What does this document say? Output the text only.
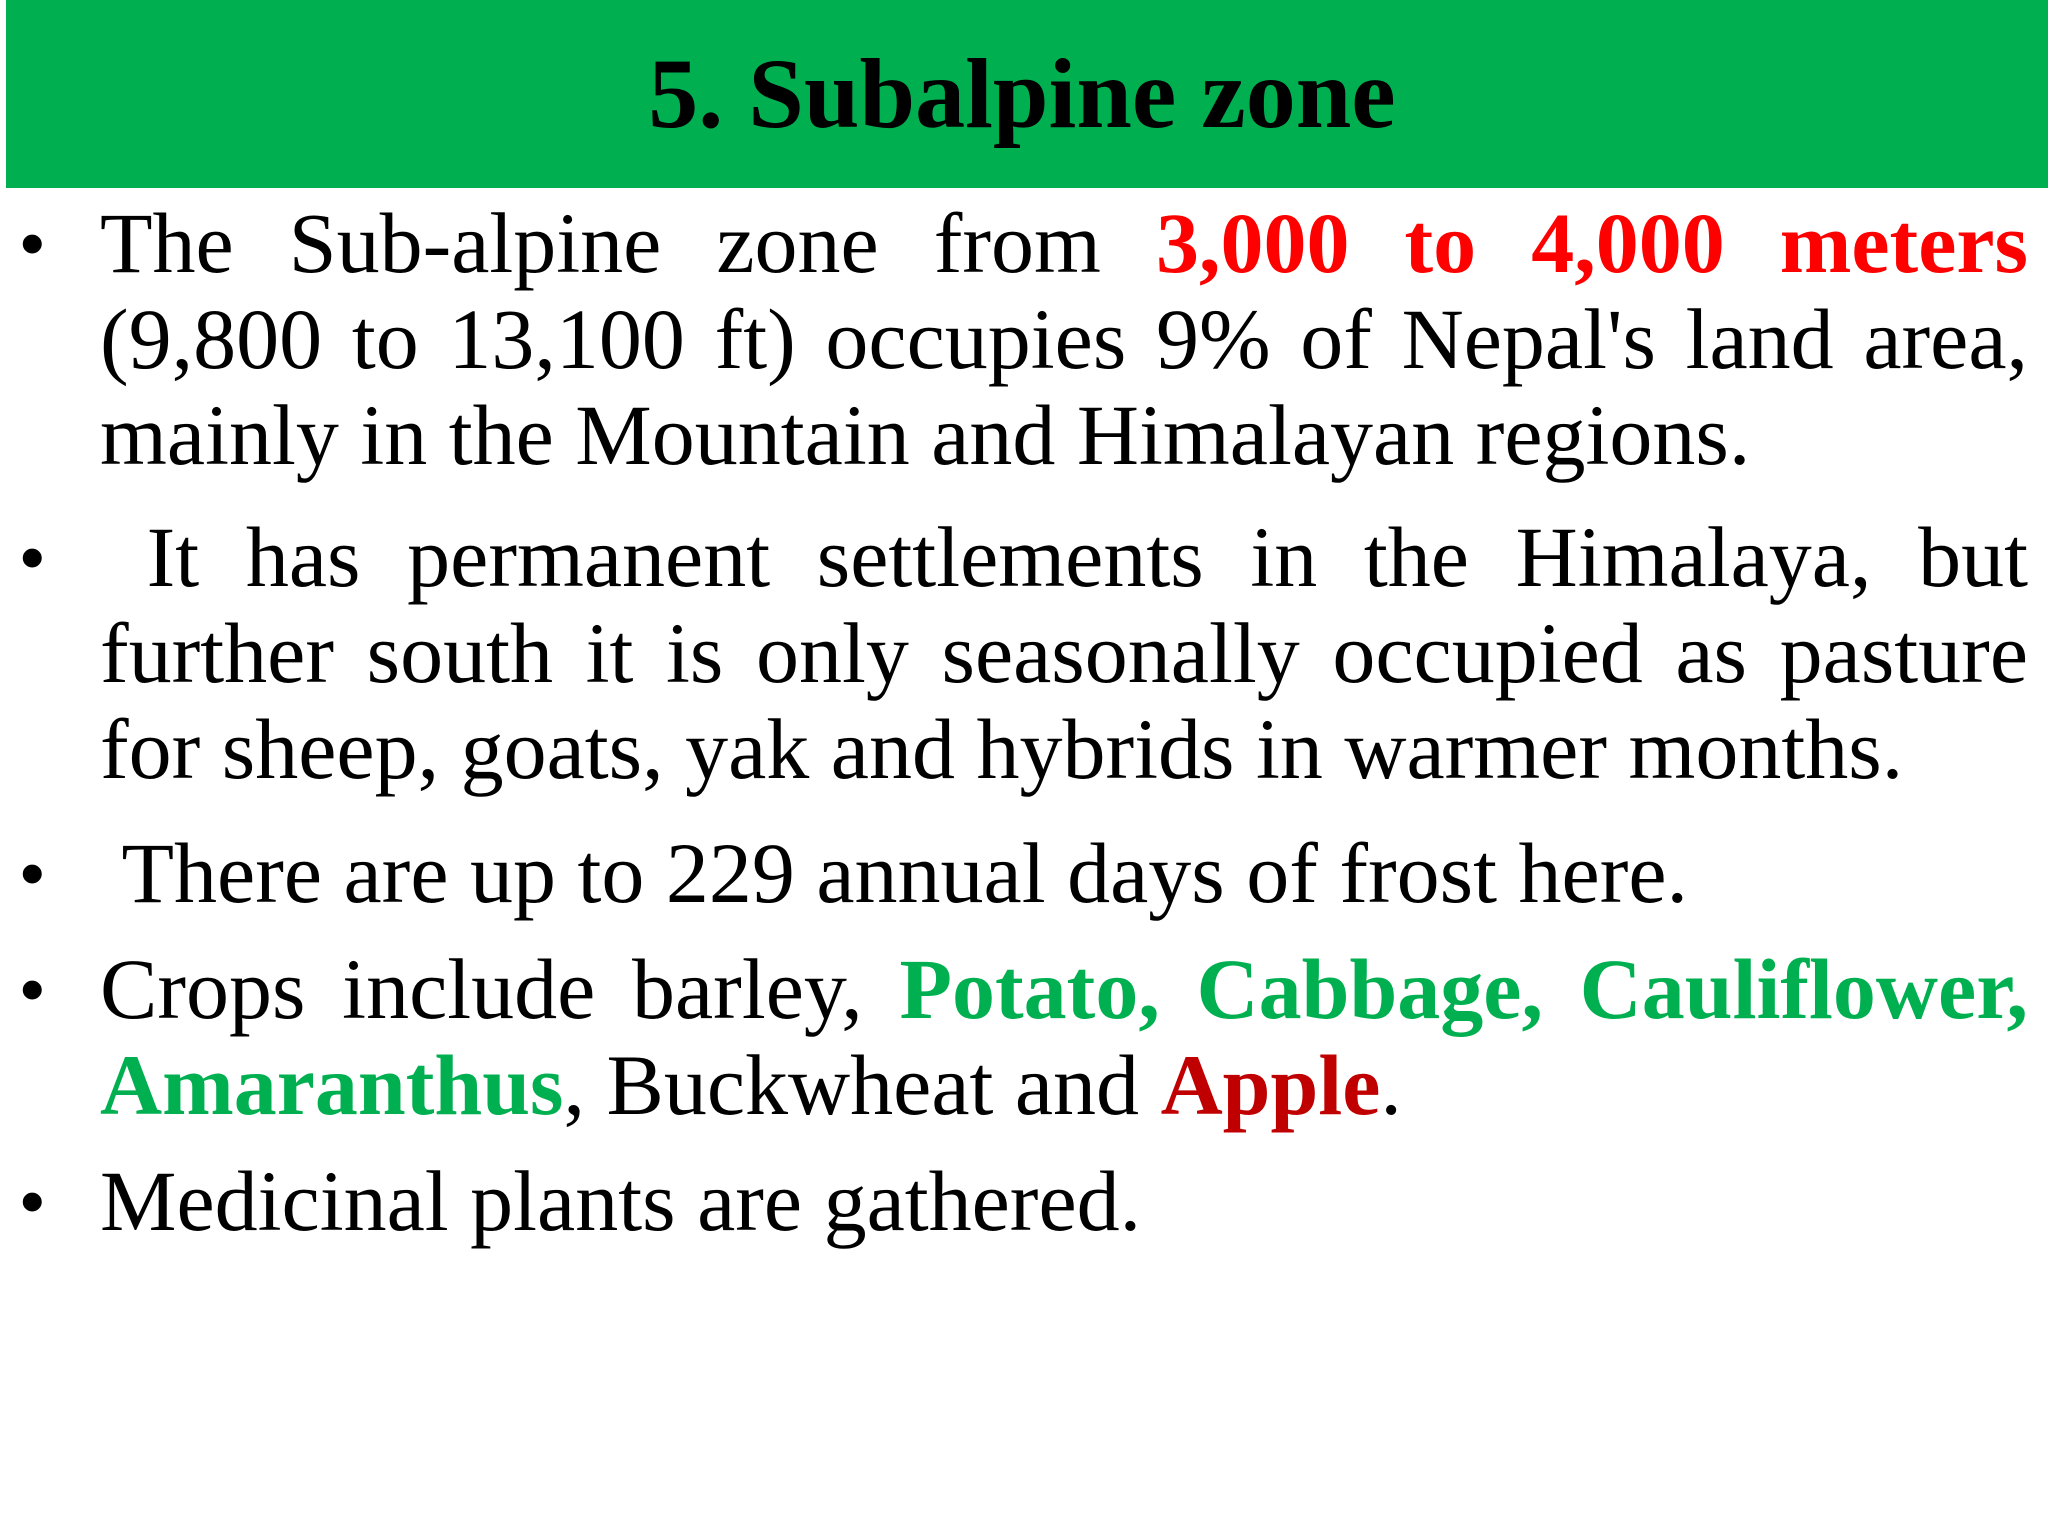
5. Subalpine zone
• The Sub-alpine zone from 3,000 to 4,000 meters (9,800 to 13,100 ft) occupies 9% of Nepal's land area, mainly in the Mountain and Himalayan regions.
• It has permanent settlements in the Himalaya, but further south it is only seasonally occupied as pasture for sheep, goats, yak and hybrids in warmer months.
• There are up to 229 annual days of frost here.
• Crops include barley, Potato, Cabbage, Cauliflower, Amaranthus, Buckwheat and Apple.
• Medicinal plants are gathered.
